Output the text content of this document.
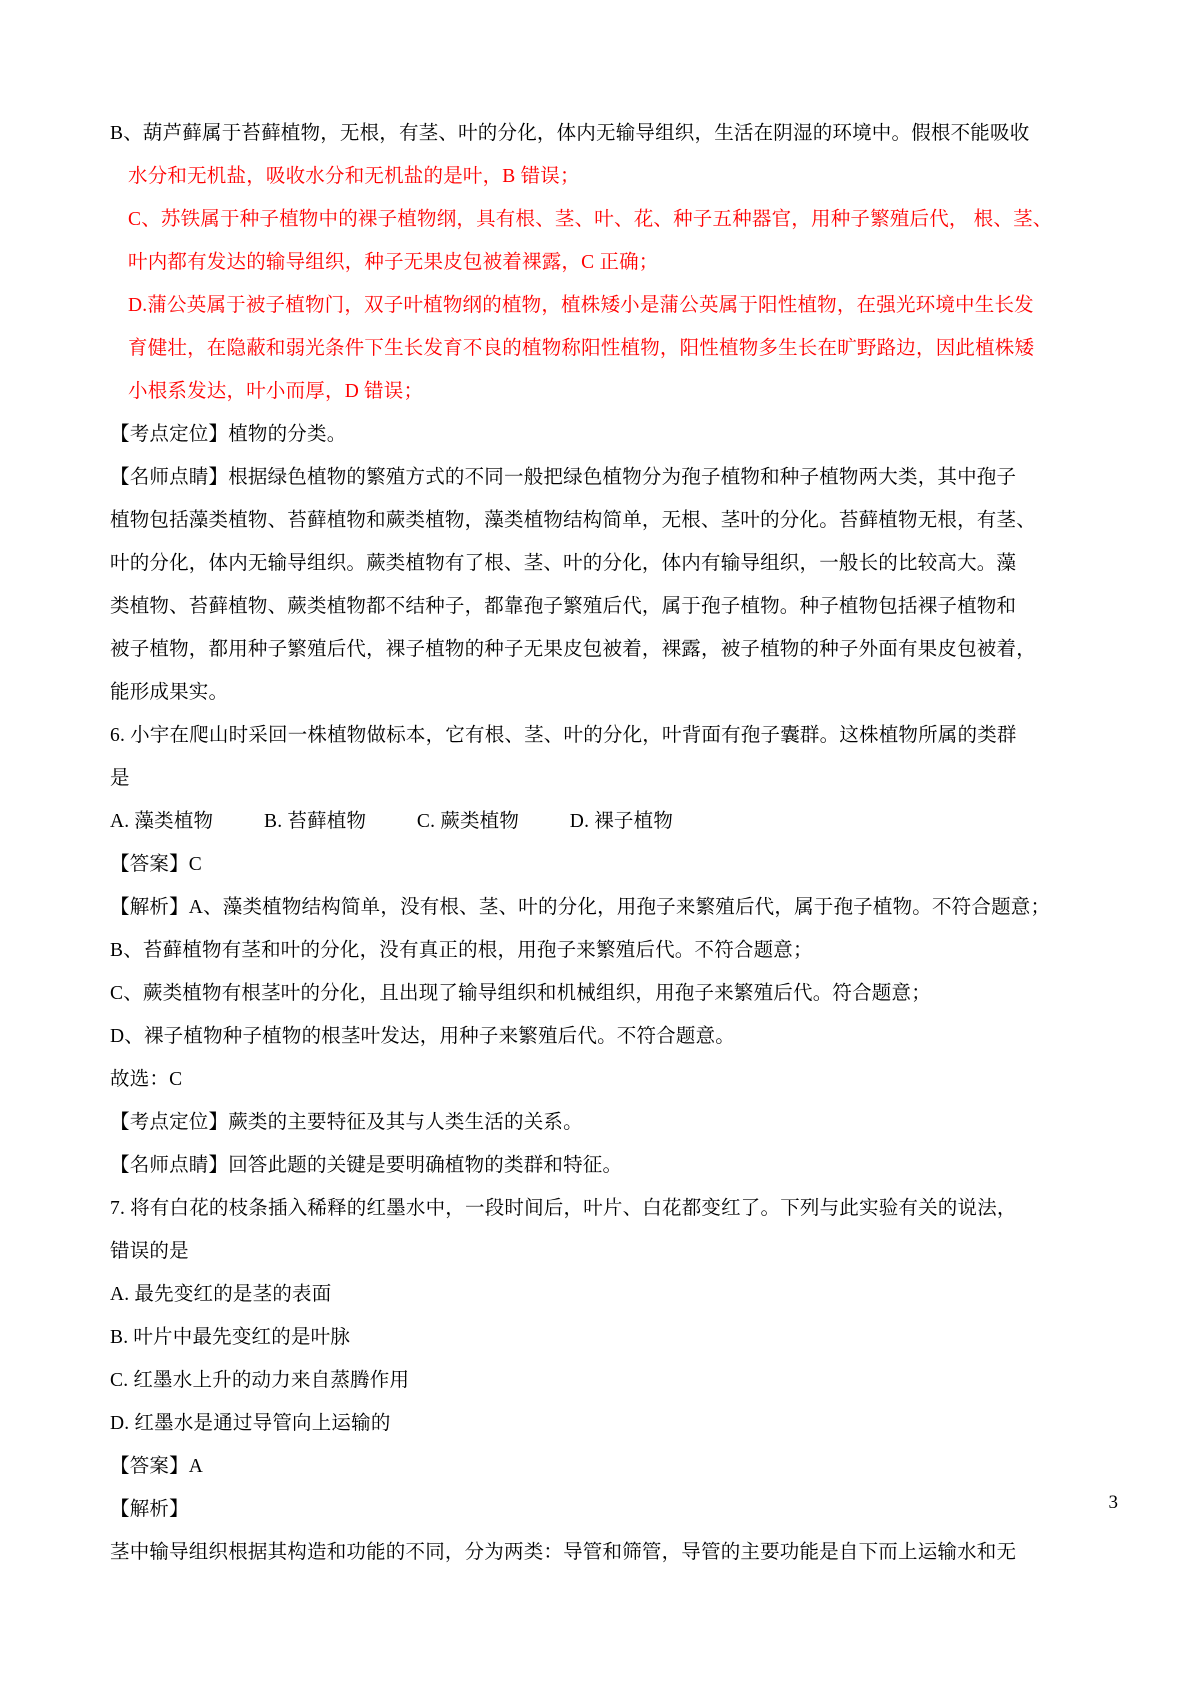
B、葫芦藓属于苔藓植物，无根，有茎、叶的分化，体内无输导组织，生活在阴湿的环境中。假根不能吸收

水分和无机盐，吸收水分和无机盐的是叶，B 错误；

C、苏铁属于种子植物中的裸子植物纲，具有根、茎、叶、花、种子五种器官，用种子繁殖后代， 根、茎、

叶内都有发达的输导组织，种子无果皮包被着裸露，C 正确；

D.蒲公英属于被子植物门，双子叶植物纲的植物，植株矮小是蒲公英属于阳性植物，在强光环境中生长发

育健壮，在隐蔽和弱光条件下生长发育不良的植物称阳性植物，阳性植物多生长在旷野路边，因此植株矮

小根系发达，叶小而厚，D 错误；

【考点定位】植物的分类。

【名师点睛】根据绿色植物的繁殖方式的不同一般把绿色植物分为孢子植物和种子植物两大类，其中孢子

植物包括藻类植物、苔藓植物和蕨类植物，藻类植物结构简单，无根、茎叶的分化。苔藓植物无根，有茎、

叶的分化，体内无输导组织。蕨类植物有了根、茎、叶的分化，体内有输导组织，一般长的比较高大。藻

类植物、苔藓植物、蕨类植物都不结种子，都靠孢子繁殖后代，属于孢子植物。种子植物包括裸子植物和

被子植物，都用种子繁殖后代，裸子植物的种子无果皮包被着，裸露，被子植物的种子外面有果皮包被着，

能形成果实。

6. 小宇在爬山时采回一株植物做标本，它有根、茎、叶的分化，叶背面有孢子囊群。这株植物所属的类群

是

A. 藻类植物          B. 苔藓植物          C. 蕨类植物          D. 裸子植物

【答案】C

【解析】A、藻类植物结构简单，没有根、茎、叶的分化，用孢子来繁殖后代，属于孢子植物。不符合题意；

B、苔藓植物有茎和叶的分化，没有真正的根，用孢子来繁殖后代。不符合题意；

C、蕨类植物有根茎叶的分化，且出现了输导组织和机械组织，用孢子来繁殖后代。符合题意；

D、裸子植物种子植物的根茎叶发达，用种子来繁殖后代。不符合题意。

故选：C

【考点定位】蕨类的主要特征及其与人类生活的关系。

【名师点睛】回答此题的关键是要明确植物的类群和特征。

7. 将有白花的枝条插入稀释的红墨水中，一段时间后，叶片、白花都变红了。下列与此实验有关的说法，

错误的是

A. 最先变红的是茎的表面

B. 叶片中最先变红的是叶脉

C. 红墨水上升的动力来自蒸腾作用

D. 红墨水是通过导管向上运输的

【答案】A

【解析】

茎中输导组织根据其构造和功能的不同，分为两类：导管和筛管，导管的主要功能是自下而上运输水和无

3
